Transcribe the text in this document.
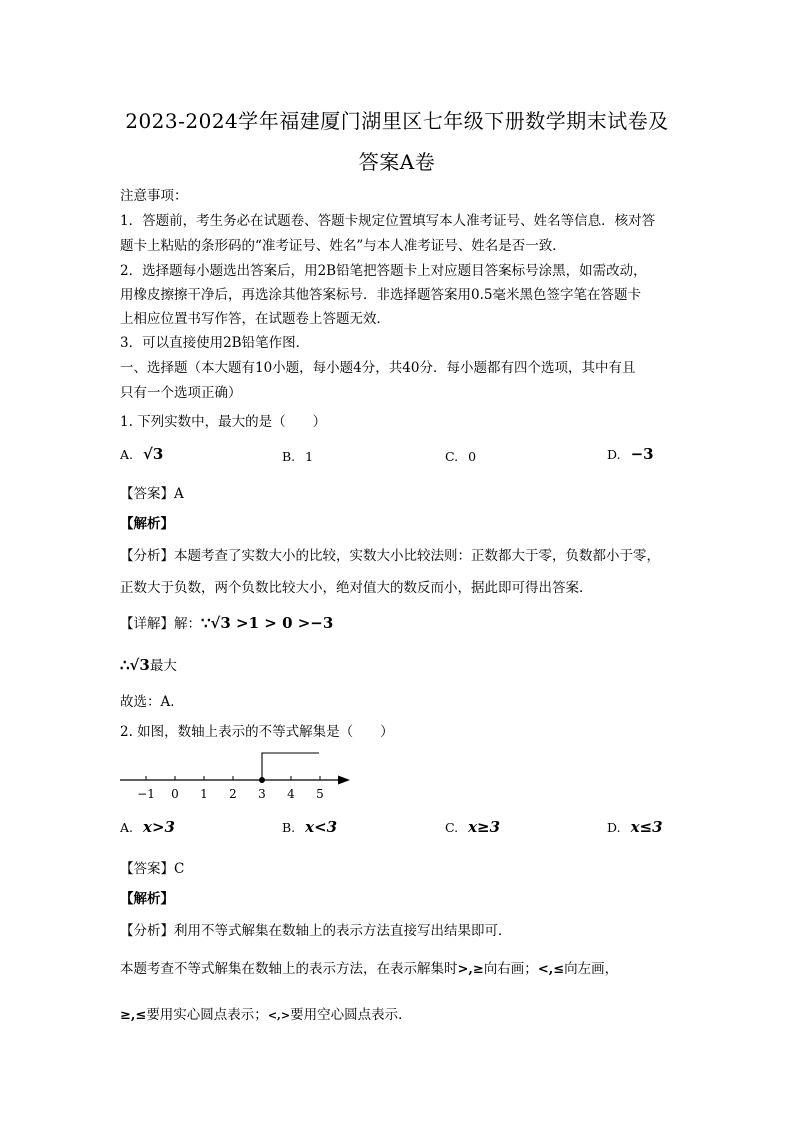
2023-2024学年福建厦门湖里区七年级下册数学期末试卷及
答案A卷
注意事项：
1．答题前，考生务必在试题卷、答题卡规定位置填写本人准考证号、姓名等信息．核对答
题卡上粘贴的条形码的“准考证号、姓名”与本人准考证号、姓名是否一致．
2．选择题每小题选出答案后，用2B铅笔把答题卡上对应题目答案标号涂黑，如需改动，
用橡皮擦擦干净后，再选涂其他答案标号．非选择题答案用0.5毫米黑色签字笔在答题卡
上相应位置书写作答，在试题卷上答题无效．
3．可以直接使用2B铅笔作图．
一、选择题（本大题有10小题，每小题4分，共40分．每小题都有四个选项，其中有且
只有一个选项正确）
1. 下列实数中，最大的是（　　）
A. √3	B. 1	C. 0	D. −3
【答案】A
【解析】
【分析】本题考查了实数大小的比较，实数大小比较法则：正数都大于零，负数都小于零，
正数大于负数，两个负数比较大小，绝对值大的数反而小，据此即可得出答案．
【详解】解：∵√3 >1 > 0 >−3
∴√3最大
故选：A．
2. 如图，数轴上表示的不等式解集是（　　）
−1 0 1 2 3 4 5
A. x>3	B. x<3	C. x≥3	D. x≤3
【答案】C
【解析】
【分析】利用不等式解集在数轴上的表示方法直接写出结果即可．
本题考查不等式解集在数轴上的表示方法，在表示解集时>,≥向右画；<,≤向左画，
≥,≤要用实心圆点表示；<,>要用空心圆点表示．
